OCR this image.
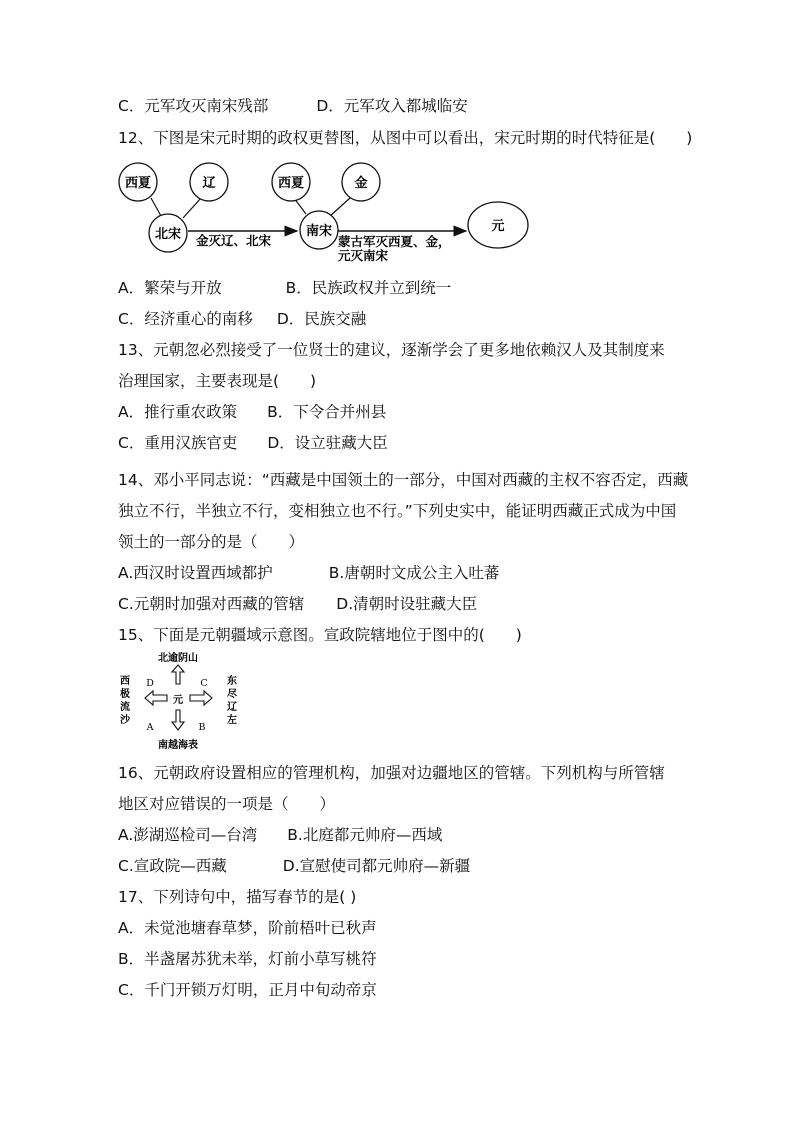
C．元军攻灭南宋残部	D．元军攻入都城临安
12、下图是宋元时期的政权更替图，从图中可以看出，宋元时期的时代特征是(　　)
西夏	辽
北宋
西夏	金
南宋	元
金灭辽、北宋	蒙古军灭西夏、金，
元灭南宋
A．繁荣与开放	B．民族政权并立到统一
C．经济重心的南移 D．民族交融
13、元朝忽必烈接受了一位贤士的建议，逐渐学会了更多地依赖汉人及其制度来
治理国家，主要表现是(　　)
A．推行重农政策 B．下令合并州县
C．重用汉族官吏 D．设立驻藏大臣
14、邓小平同志说：“西藏是中国领土的一部分，中国对西藏的主权不容否定，西藏
独立不行，半独立不行，变相独立也不行。”下列史实中，能证明西藏正式成为中国
领土的一部分的是（　　）
A.西汉时设置西域都护	B.唐朝时文成公主入吐蕃
C.元朝时加强对西藏的管辖 D.清朝时设驻藏大臣
15、下面是元朝疆域示意图。宣政院辖地位于图中的(　　)
北逾阴山
南越海表
元
D	C
A	B
西极流沙
东尽辽左
16、元朝政府设置相应的管理机构，加强对边疆地区的管辖。下列机构与所管辖
地区对应错误的一项是（　　）
A.澎湖巡检司—台湾 B.北庭都元帅府—西域
C.宣政院—西藏	D.宣慰使司都元帅府—新疆
17、下列诗句中，描写春节的是( )
A．未觉池塘春草梦，阶前梧叶已秋声
B．半盏屠苏犹未举，灯前小草写桃符
C．千门开锁万灯明，正月中旬动帝京
